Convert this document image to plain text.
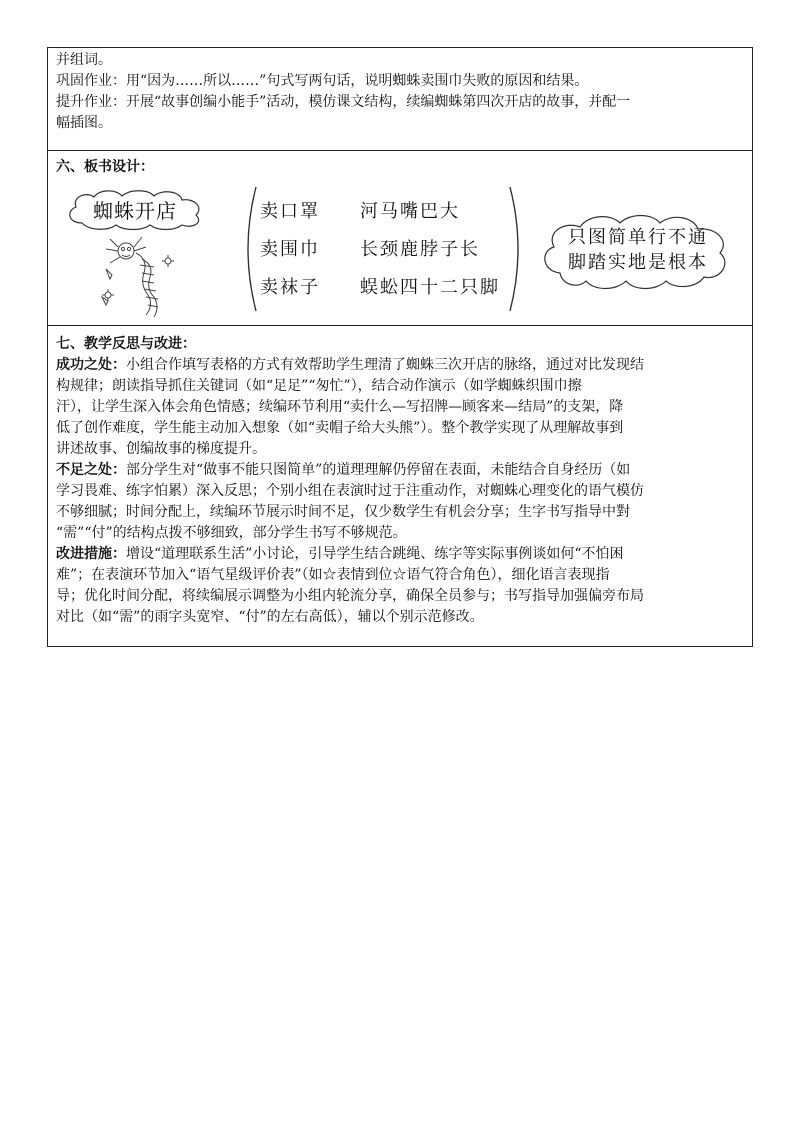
并组词。
巩固作业：用“因为……所以……”句式写两句话，说明蜘蛛卖围巾失败的原因和结果。
提升作业：开展“故事创编小能手”活动，模仿课文结构，续编蜘蛛第四次开店的故事，并配一
幅插图。
六、板书设计：
蜘蛛开店	卖口罩	河马嘴巴大
卖围巾	长颈鹿脖子长
卖袜子	蜈蚣四十二只脚
只图简单行不通
脚踏实地是根本
七、教学反思与改进：
成功之处：小组合作填写表格的方式有效帮助学生理清了蜘蛛三次开店的脉络，通过对比发现结
构规律；朗读指导抓住关键词（如“足足”“匆忙”），结合动作演示（如学蜘蛛织围巾擦
汗），让学生深入体会角色情感；续编环节利用“卖什么—写招牌—顾客来—结局”的支架，降
低了创作难度，学生能主动加入想象（如“卖帽子给大头熊”）。整个教学实现了从理解故事到
讲述故事、创编故事的梯度提升。
不足之处：部分学生对“做事不能只图简单”的道理理解仍停留在表面，未能结合自身经历（如
学习畏难、练字怕累）深入反思；个别小组在表演时过于注重动作，对蜘蛛心理变化的语气模仿
不够细腻；时间分配上，续编环节展示时间不足，仅少数学生有机会分享；生字书写指导中對
“需”“付”的结构点拨不够细致，部分学生书写不够规范。
改进措施：增设“道理联系生活”小讨论，引导学生结合跳绳、练字等实际事例谈如何“不怕困
难”；在表演环节加入“语气星级评价表”（如☆表情到位☆语气符合角色），细化语言表现指
导；优化时间分配，将续编展示调整为小组内轮流分享，确保全员参与；书写指导加强偏旁布局
对比（如“需”的雨字头宽窄、“付”的左右高低），辅以个别示范修改。
